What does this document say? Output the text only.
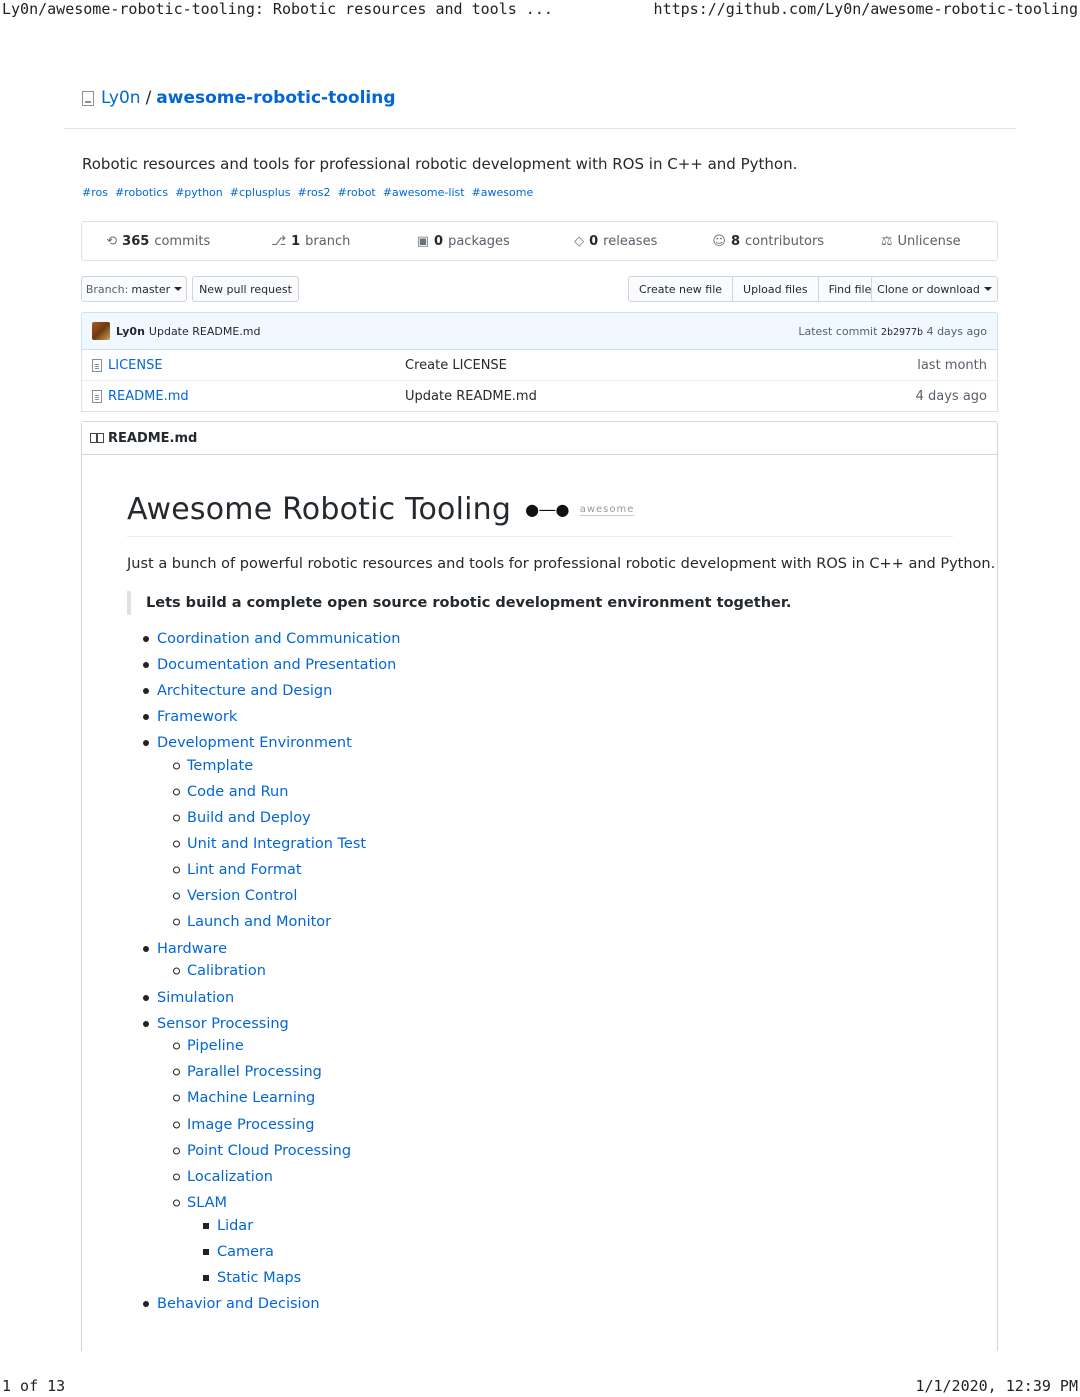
Ly0n/awesome-robotic-tooling: Robotic resources and tools ...	https://github.com/Ly0n/awesome-robotic-tooling
Ly0n / awesome-robotic-tooling
Robotic resources and tools for professional robotic development with ROS in C++ and Python.
#ros #robotics #python #cplusplus #ros2 #robot #awesome-list #awesome
⟲ 365 commits	⎇ 1 branch	▣ 0 packages	◇ 0 releases	☺ 8 contributors	⚖ Unlicense
Branch: master	New pull request	Create new file	Upload files	Find file Clone or download
Ly0n Update README.md	Latest commit 2b2977b 4 days ago
LICENSE	Create LICENSE	last month
README.md	Update README.md	4 days ago
README.md
Awesome Robotic Tooling ●―● awesome
Just a bunch of powerful robotic resources and tools for professional robotic development with ROS in C++ and Python.
Lets build a complete open source robotic development environment together.
Coordination and Communication
Documentation and Presentation
Architecture and Design
Framework
Development Environment
Template
Code and Run
Build and Deploy
Unit and Integration Test
Lint and Format
Version Control
Launch and Monitor
Hardware
Calibration
Simulation
Sensor Processing
Pipeline
Parallel Processing
Machine Learning
Image Processing
Point Cloud Processing
Localization
SLAM
Lidar
Camera
Static Maps
Behavior and Decision
1 of 13	1/1/2020, 12:39 PM
